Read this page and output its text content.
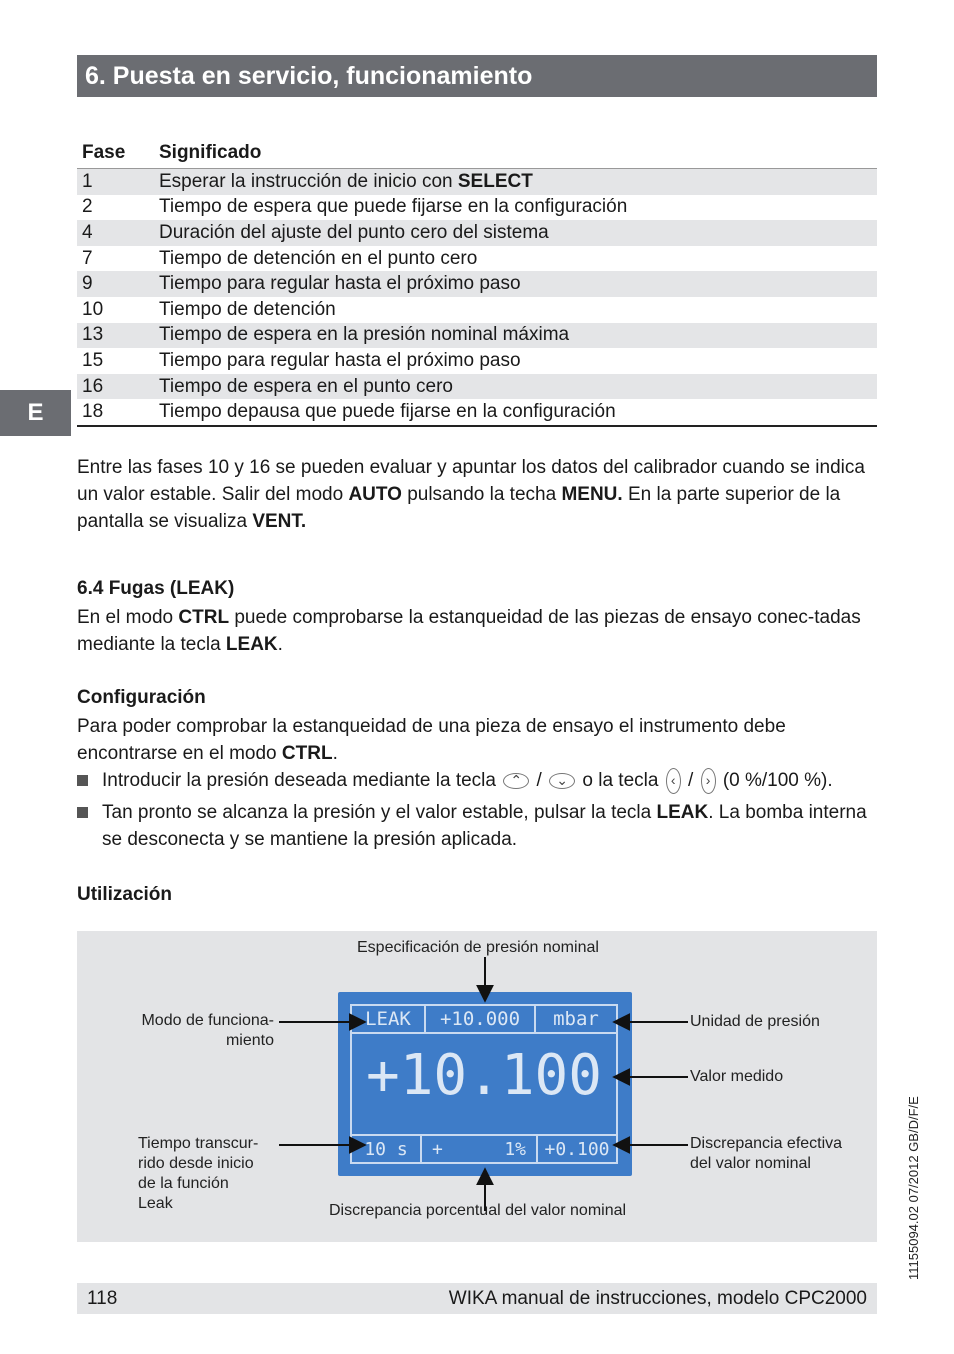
6. Puesta en servicio, funcionamiento
E
Fase	Significado
1	Esperar la instrucción de inicio con SELECT
2	Tiempo de espera que puede fijarse en la configuración
4	Duración del ajuste del punto cero del sistema
7	Tiempo de detención en el punto cero
9	Tiempo para regular hasta el próximo paso
10	Tiempo de detención
13	Tiempo de espera en la presión nominal máxima
15	Tiempo para regular hasta el próximo paso
16	Tiempo de espera en el punto cero
18	Tiempo depausa que puede fijarse en la configuración

Entre las fases 10 y 16 se pueden evaluar y apuntar los datos del calibrador cuando se indica un valor estable. Salir del modo AUTO pulsando la techa MENU. En la parte superior de la pantalla se visualiza VENT.

6.4 Fugas (LEAK)

En el modo CTRL puede comprobarse la estanqueidad de las piezas de ensayo conec-tadas mediante la tecla LEAK.

Configuración

Para poder comprobar la estanqueidad de una pieza de ensayo el instrumento debe encontrarse en el modo CTRL.

Introducir la presión deseada mediante la tecla ⌃ / ⌄ o la tecla ‹ / › (0 %/100 %).
Tan pronto se alcanza la presión y el valor estable, pulsar la tecla LEAK. La bomba interna se desconecta y se mantiene la presión aplicada.

Utilización

Especificación de presión nominal
Modo de funciona-
miento
Unidad de presión
Valor medido
Tiempo transcur-
rido desde inicio
de la función
Leak
Discrepancia efectiva
del valor nominal
Discrepancia porcentual del valor nominal
LEAK	+10.000	mbar
+10.100
10 s	+	1%	+0.100
118	WIKA manual de instrucciones, modelo CPC2000
11155094.02 07/2012 GB/D/F/E
